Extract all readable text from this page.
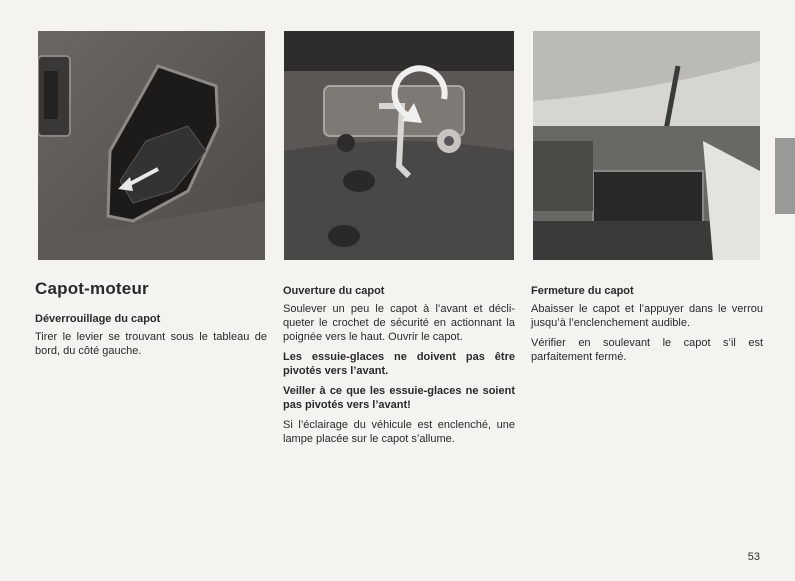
Capot-moteur
Déverrouillage du capot

Tirer le levier se trouvant sous le tableau de bord, du côté gauche.

Ouverture du capot

Soulever un peu le capot à l’avant et décliqueter le crochet de sécurité en actionnant la poignée vers le haut. Ouvrir le capot.

Les essuie-glaces ne doivent pas être pivotés vers l’avant.

Veiller à ce que les essuie-glaces ne soient pas pivotés vers l’avant!

Si l’éclairage du véhicule est enclenché, une lampe placée sur le capot s’allume.

Fermeture du capot

Abaisser le capot et l’appuyer dans le verrou jusqu’à l’enclenchement audible.

Vérifier en soulevant le capot s’il est parfaitement fermé.

53
